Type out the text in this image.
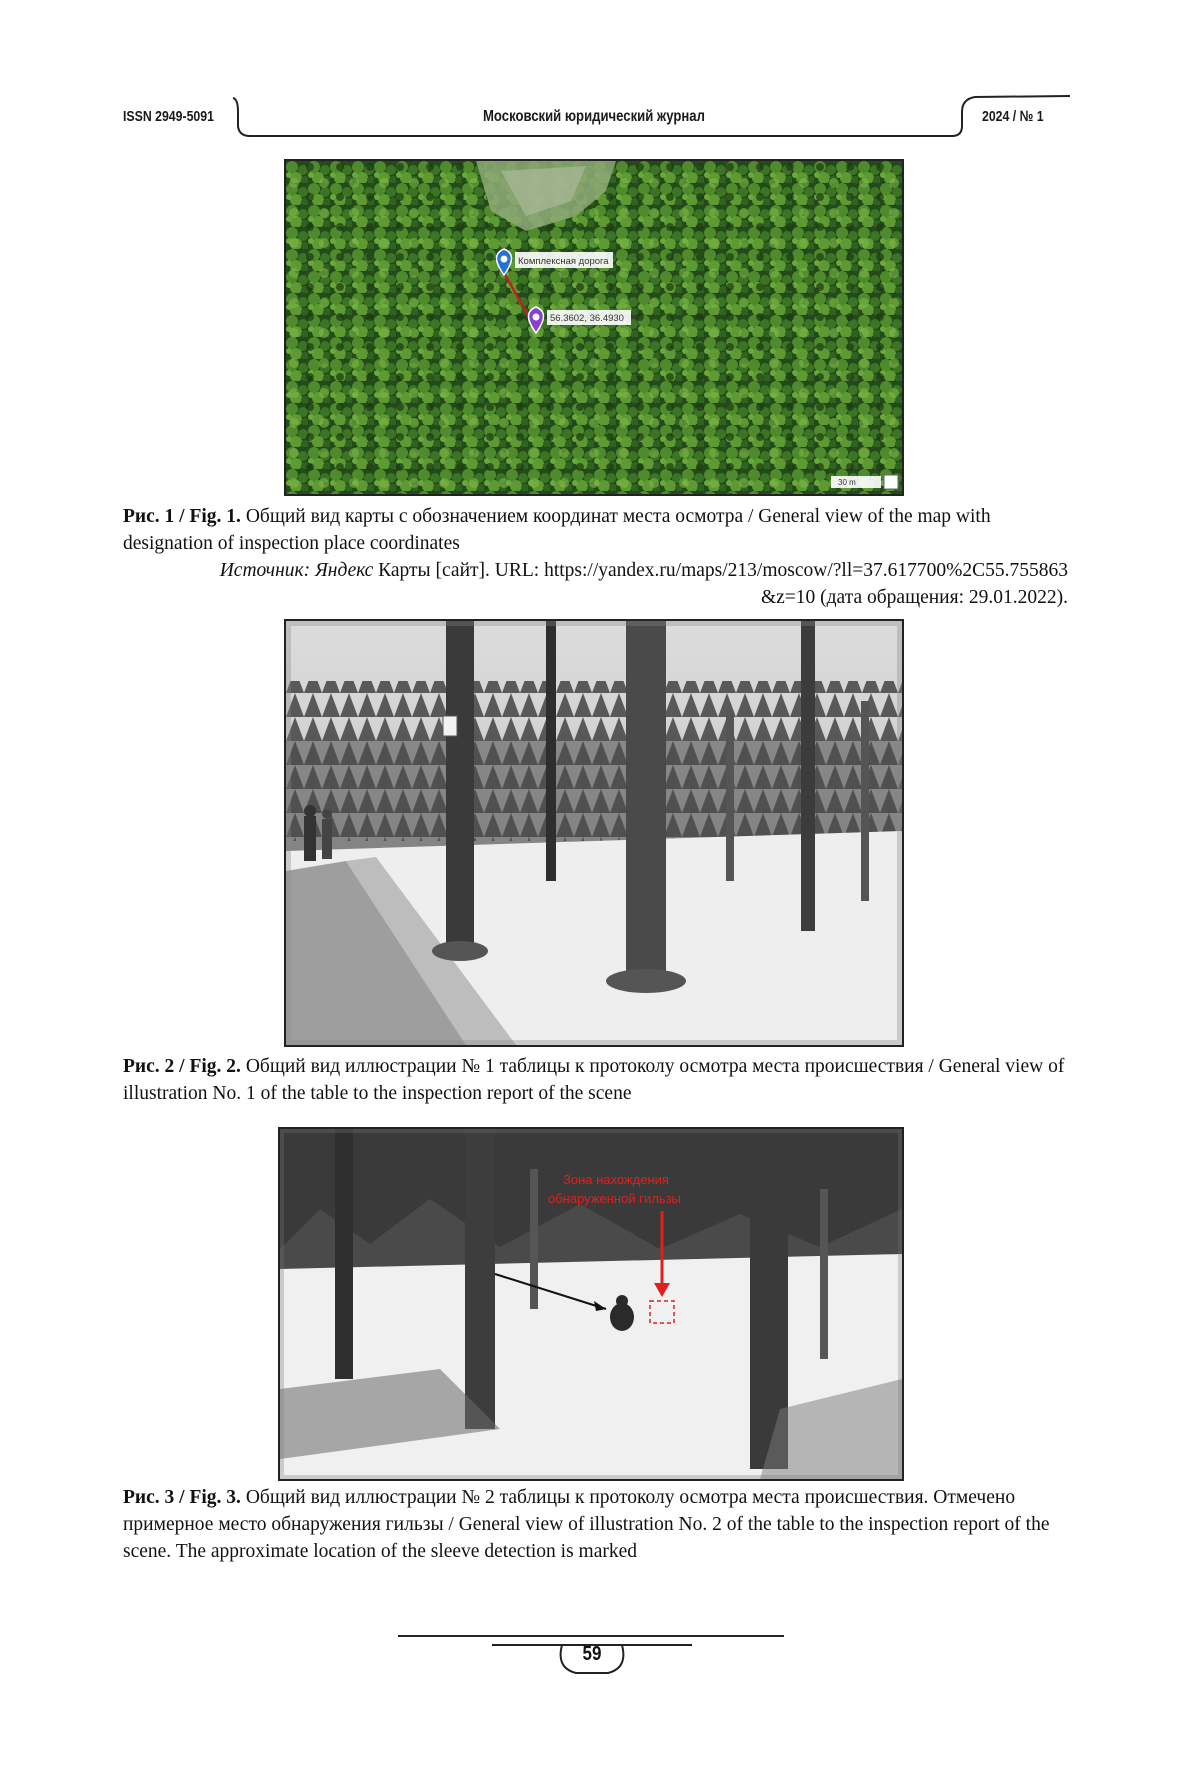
ISSN 2949-5091	Московский юридический журнал	2024 / № 1
Комплексная дорога
56.3602, 36.4930
30 m
Рис. 1 / Fig. 1. Общий вид карты с обозначением координат места осмотра / General view of the map with designation of inspection place coordinates
Источник: Яндекс Карты [сайт]. URL: https://yandex.ru/maps/213/moscow/?ll=37.617700%2C55.755863
&z=10 (дата обращения: 29.01.2022).
Рис. 2 / Fig. 2. Общий вид иллюстрации № 1 таблицы к протоколу осмотра места происшествия / General view of illustration No. 1 of the table to the inspection report of the scene
Зона нахождения
обнаруженной гильзы
Рис. 3 / Fig. 3. Общий вид иллюстрации № 2 таблицы к протоколу осмотра места происшествия. Отмечено примерное место обнаружения гильзы / General view of illustration No. 2 of the table to the inspection report of the scene. The approximate location of the sleeve detection is marked
59
